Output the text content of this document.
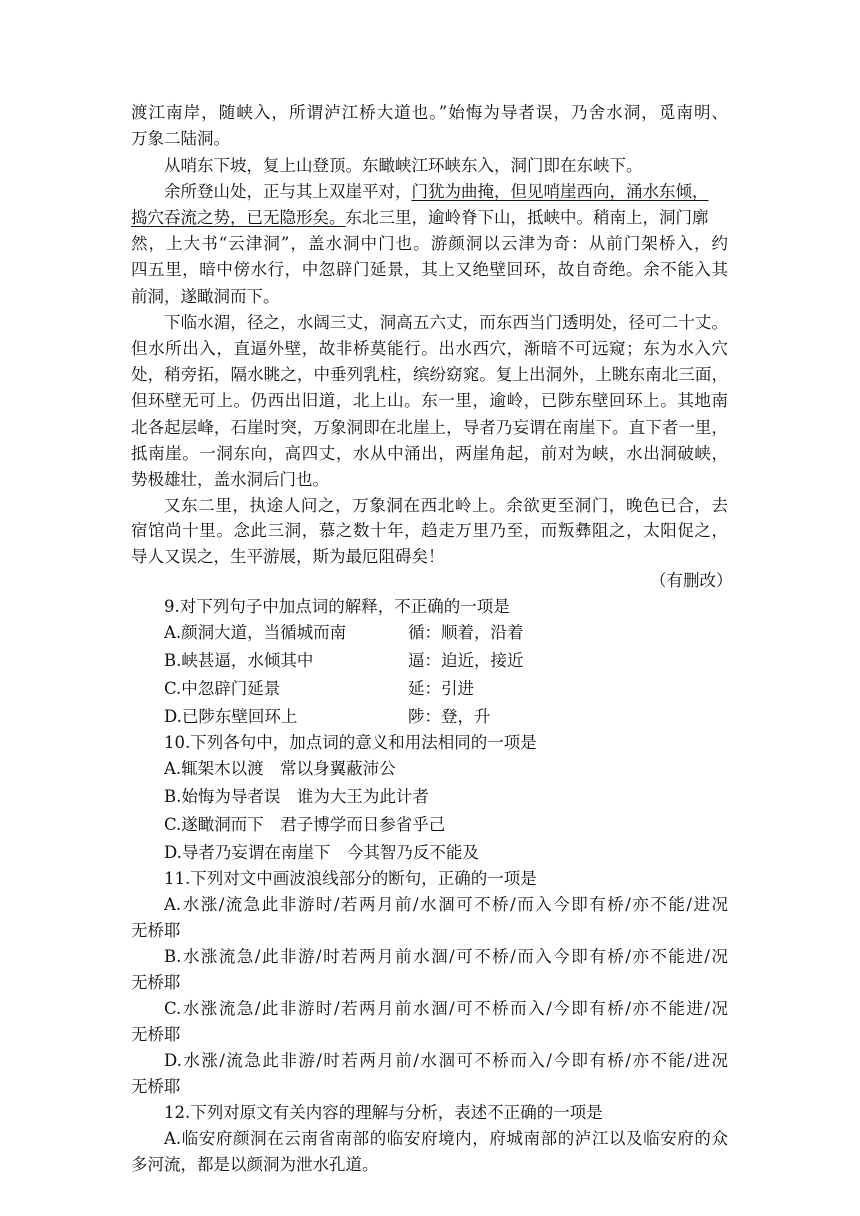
渡江南岸，随峡入，所谓泸江桥大道也。”始悔为导者误，乃舍水洞，觅南明、
万象二陆洞。
从哨东下坡，复上山登顶。东瞰峡江环峡东入，洞门即在东峡下。
余所登山处，正与其上双崖平对，门犹为曲掩，但见哨崖西向，涌水东倾，
捣穴吞流之势，已无隐形矣。东北三里，逾岭脊下山，抵峡中。稍南上，洞门廓
然，上大书“云津洞”，盖水洞中门也。游颜洞以云津为奇：从前门架桥入，约
四五里，暗中傍水行，中忽辟门延景，其上又绝壁回环，故自奇绝。余不能入其
前洞，遂瞰洞而下。
下临水湄，径之，水阔三丈，洞高五六丈，而东西当门透明处，径可二十丈。
但水所出入，直逼外壁，故非桥莫能行。出水西穴，渐暗不可远窥；东为水入穴
处，稍旁拓，隔水眺之，中垂列乳柱，缤纷窈窕。复上出洞外，上眺东南北三面，
但环壁无可上。仍西出旧道，北上山。东一里，逾岭，已陟东壁回环上。其地南
北各起层峰，石崖时突，万象洞即在北崖上，导者乃妄谓在南崖下。直下者一里，
抵南崖。一洞东向，高四丈，水从中涌出，两崖角起，前对为峡，水出洞破峡，
势极雄壮，盖水洞后门也。
又东二里，执途人问之，万象洞在西北岭上。余欲更至洞门，晚色已合，去
宿馆尚十里。念此三洞，慕之数十年，趋走万里乃至，而叛彝阻之，太阳促之，
导人又误之，生平游展，斯为最厄阻碍矣！
（有删改）
9.对下列句子中加点词的解释，不正确的一项是
A.颜洞大道，当循城而南	循：顺着，沿着
B.峡甚逼，水倾其中	逼：迫近，接近
C.中忽辟门延景	延：引进
D.已陟东壁回环上	陟：登，升
10.下列各句中，加点词的意义和用法相同的一项是
A.辄架木以渡　常以身翼蔽沛公
B.始悔为导者误　谁为大王为此计者
C.遂瞰洞而下　君子博学而日参省乎己
D.导者乃妄谓在南崖下　今其智乃反不能及
11.下列对文中画波浪线部分的断句，正确的一项是
A.水涨/流急此非游时/若两月前/水涸可不桥/而入今即有桥/亦不能/进况
无桥耶
B.水涨流急/此非游/时若两月前水涸/可不桥/而入今即有桥/亦不能进/况
无桥耶
C.水涨流急/此非游时/若两月前水涸/可不桥而入/今即有桥/亦不能进/况
无桥耶
D.水涨/流急此非游/时若两月前/水涸可不桥而入/今即有桥/亦不能/进况
无桥耶
12.下列对原文有关内容的理解与分析，表述不正确的一项是
A.临安府颜洞在云南省南部的临安府境内，府城南部的泸江以及临安府的众
多河流，都是以颜洞为泄水孔道。
